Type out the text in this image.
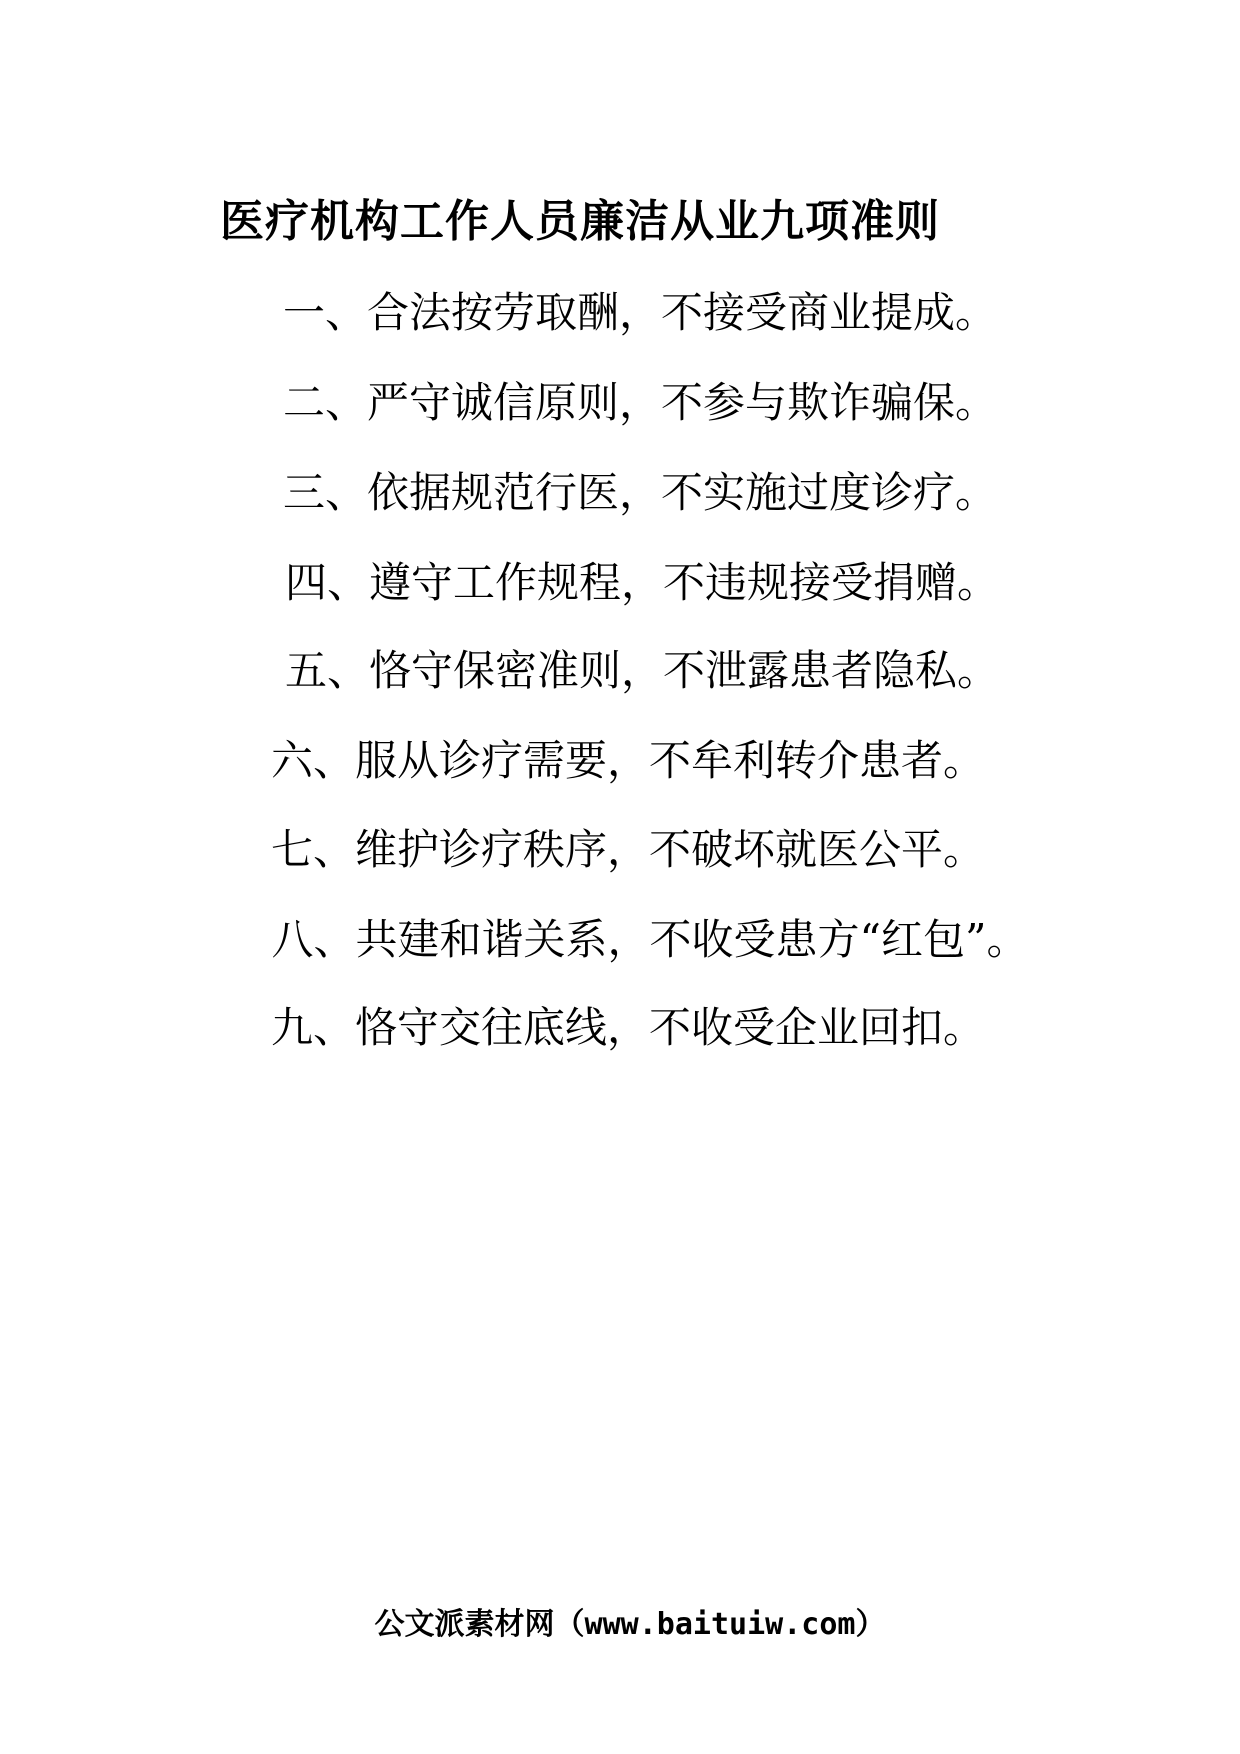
医疗机构工作人员廉洁从业九项准则

一、合法按劳取酬，不接受商业提成。

二、严守诚信原则，不参与欺诈骗保。

三、依据规范行医，不实施过度诊疗。

四、遵守工作规程，不违规接受捐赠。

五、恪守保密准则，不泄露患者隐私。

六、服从诊疗需要，不牟利转介患者。

七、维护诊疗秩序，不破坏就医公平。

八、共建和谐关系，不收受患方“红包”。

九、恪守交往底线，不收受企业回扣。

公文派素材网（www.baituiw.com）
